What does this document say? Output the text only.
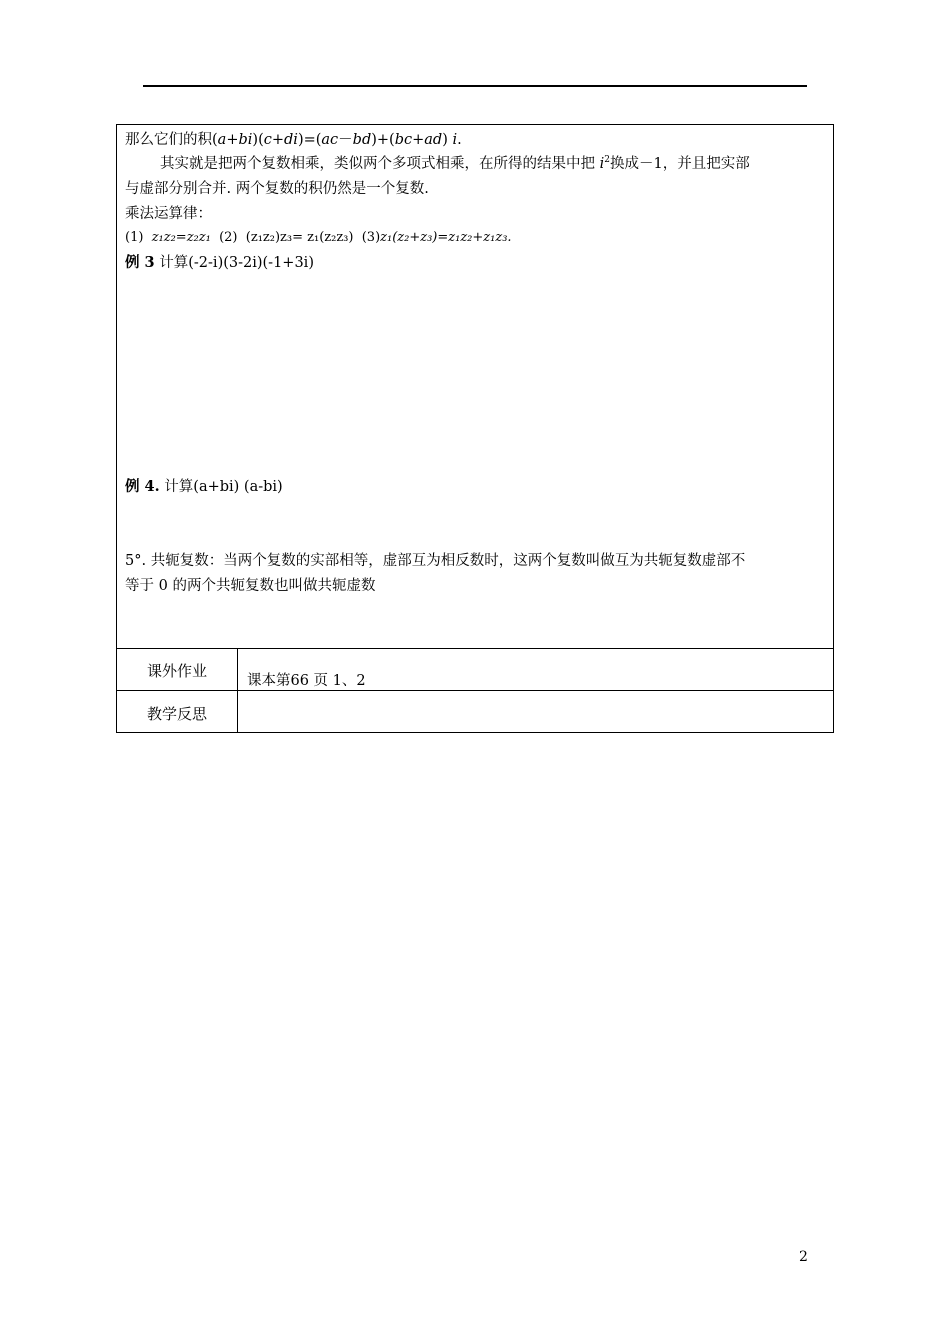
那么它们的积(a+bi)(c+di)=(ac－bd)+(bc+ad) i.
其实就是把两个复数相乘，类似两个多项式相乘，在所得的结果中把 $i^2$换成－1，并且把实部
与虚部分别合并. 两个复数的积仍然是一个复数.
乘法运算律：
(1) z₁z₂=z₂z₁ (2) (z₁z₂)z₃= z₁(z₂z₃) (3)z₁(z₂+z₃)=z₁z₂+z₁z₃.
例 3 计算(-2-i)(3-2i)(-1+3i)
例 4. 计算(a+bi) (a-bi)
5°. 共轭复数：当两个复数的实部相等，虚部互为相反数时，这两个复数叫做互为共轭复数虚部不
等于 0 的两个共轭复数也叫做共轭虚数
课外作业
课本第66 页 1、2
教学反思
2
